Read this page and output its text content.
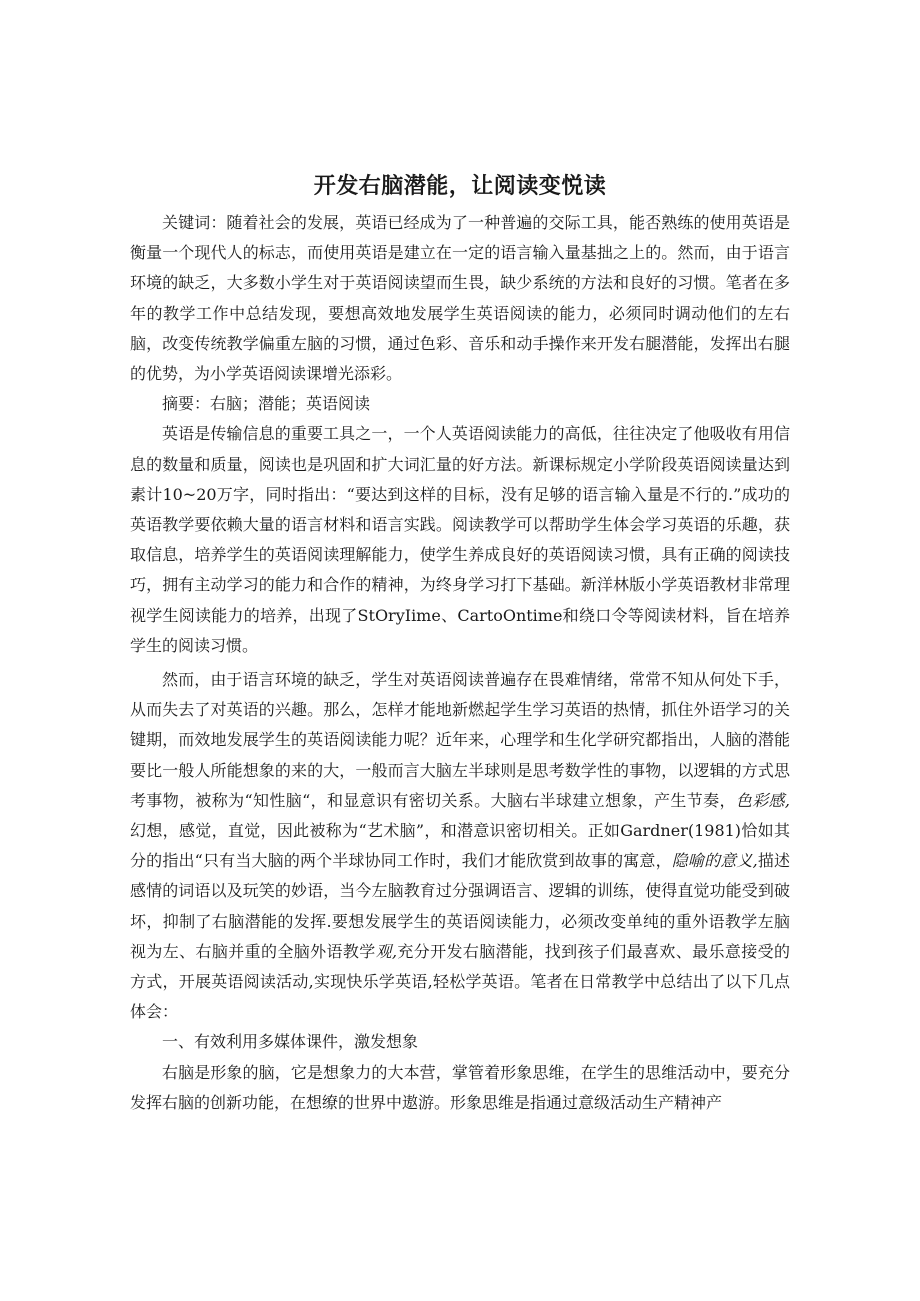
开发右脑潜能，让阅读变悦读

关键词：随着社会的发展，英语已经成为了一种普遍的交际工具，能否熟练的使用英语是衡量一个现代人的标志，而使用英语是建立在一定的语言输入量基拙之上的。然而，由于语言环境的缺乏，大多数小学生对于英语阅读望而生畏，缺少系统的方法和良好的习惯。笔者在多年的教学工作中总结发现，要想高效地发展学生英语阅读的能力，必须同时调动他们的左右脑，改变传统教学偏重左脑的习惯，通过色彩、音乐和动手操作来开发右腿潜能，发挥出右腿的优势，为小学英语阅读课增光添彩。

摘要：右脑；潜能；英语阅读

英语是传输信息的重要工具之一，一个人英语阅读能力的高低，往往决定了他吸收有用信息的数量和质量，阅读也是巩固和扩大词汇量的好方法。新课标规定小学阶段英语阅读量达到素计10~20万字，同时指出：“要达到这样的目标，没有足够的语言输入量是不行的.”成功的英语教学要依赖大量的语言材料和语言实践。阅读教学可以帮助学生体会学习英语的乐趣，获取信息，培养学生的英语阅读理解能力，使学生养成良好的英语阅读习惯，具有正确的阅读技巧，拥有主动学习的能力和合作的精神，为终身学习打下基础。新洋林版小学英语教材非常理视学生阅读能力的培养，出现了StOryIime、CartoOntime和绕口令等阅读材料，旨在培养学生的阅读习惯。

然而，由于语言环境的缺乏，学生对英语阅读普遍存在畏难情绪，常常不知从何处下手，从而失去了对英语的兴趣。那么，怎样才能地新燃起学生学习英语的热情，抓住外语学习的关键期，而效地发展学生的英语阅读能力呢？近年来，心理学和生化学研究都指出，人脑的潜能要比一般人所能想象的来的大，一般而言大脑左半球则是思考数学性的事物，以逻辑的方式思考事物，被称为“知性脑“，和显意识有密切关系。大脑右半球建立想象，产生节奏，色彩感,幻想，感觉，直觉，因此被称为“艺术脑”，和潜意识密切相关。正如Gardner(1981)恰如其分的指出“只有当大脑的两个半球协同工作时，我们才能欣赏到故事的寓意，隐喻的意义,描述感情的词语以及玩笑的妙语，当今左脑教育过分强调语言、逻辑的训练，使得直觉功能受到破坏，抑制了右脑潜能的发挥.要想发展学生的英语阅读能力，必须改变单纯的重外语教学左脑视为左、右脑并重的全脑外语教学观,充分开发右脑潜能，找到孩子们最喜欢、最乐意接受的方式，开展英语阅读活动,实现快乐学英语,轻松学英语。笔者在日常教学中总结出了以下几点体会：

一、有效利用多媒体课件，激发想象

右脑是形象的脑，它是想象力的大本营，掌管着形象思维，在学生的思维活动中，要充分发挥右脑的创新功能，在想缭的世界中遨游。形象思维是指通过意级活动生产精神产
